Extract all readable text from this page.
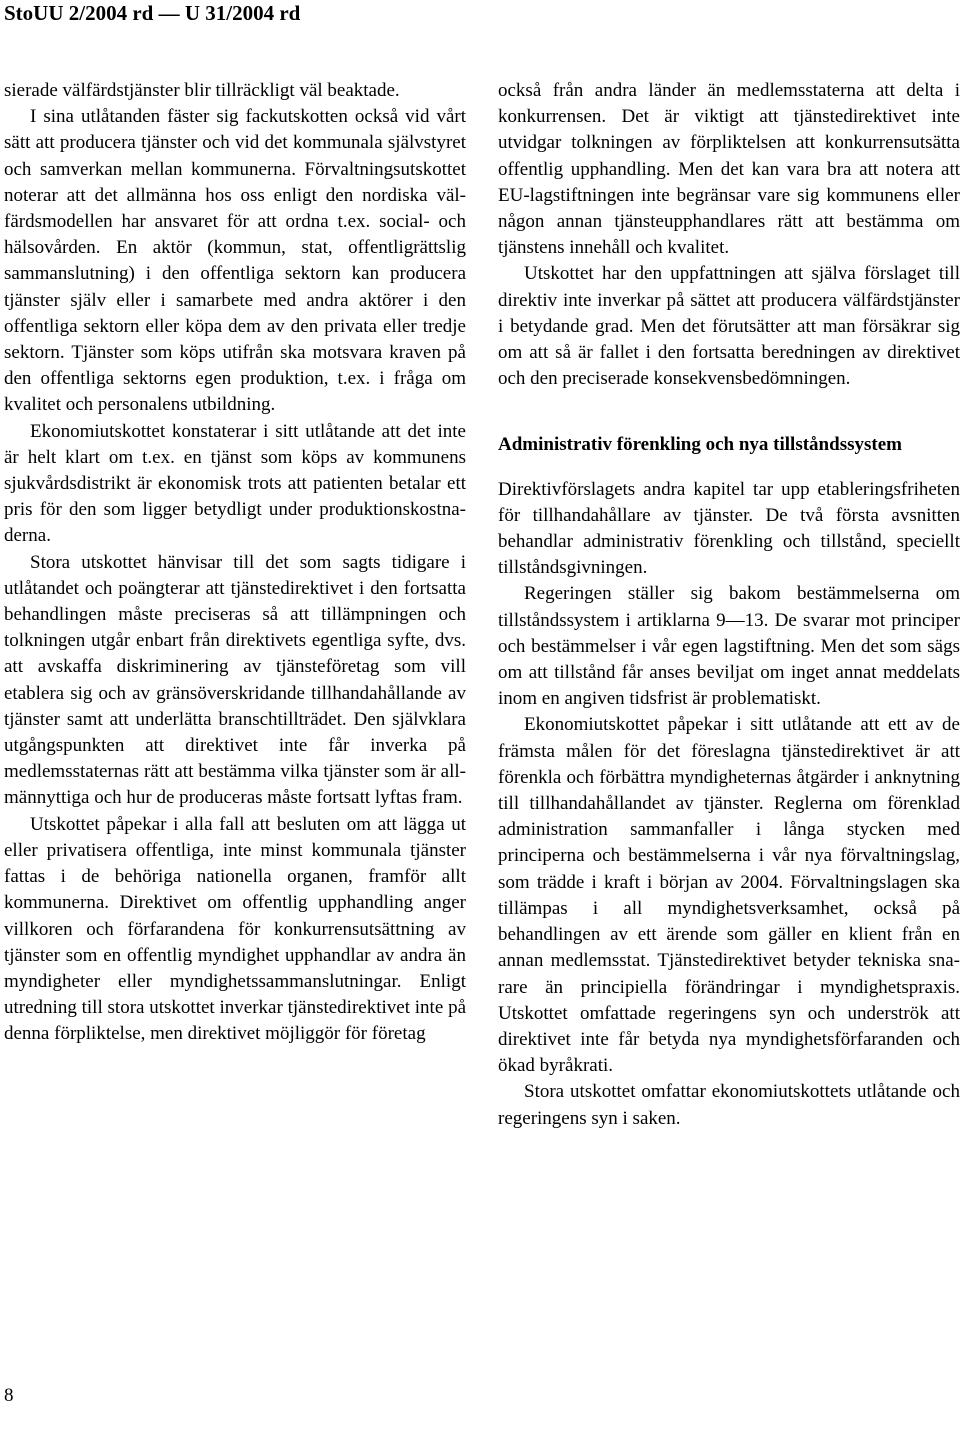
StoUU 2/2004 rd — U 31/2004 rd

sierade välfärdstjänster blir tillräckligt väl beaktade.

I sina utlåtanden fäster sig fackutskotten också vid vårt sätt att producera tjänster och vid det kommunala självstyret och samverkan mellan kommunerna. Förvaltningsutskottet noterar att det allmänna hos oss enligt den nordiska välfärdsmodellen har ansvaret för att ordna t.ex. social- och hälsovården. En aktör (kommun, stat, offentligrättslig sammanslutning) i den offentliga sektorn kan producera tjänster själv eller i samarbete med andra aktörer i den offentliga sektorn eller köpa dem av den privata eller tredje sektorn. Tjänster som köps utifrån ska motsvara kraven på den offentliga sektorns egen produktion, t.ex. i fråga om kvalitet och personalens utbildning.

Ekonomiutskottet konstaterar i sitt utlåtande att det inte är helt klart om t.ex. en tjänst som köps av kommunens sjukvårdsdistrikt är ekonomisk trots att patienten betalar ett pris för den som ligger betydligt under produktionskostnaderna.

Stora utskottet hänvisar till det som sagts tidigare i utlåtandet och poängterar att tjänstedirektivet i den fortsatta behandlingen måste preciseras så att tillämpningen och tolkningen utgår enbart från direktivets egentliga syfte, dvs. att avskaffa diskriminering av tjänsteföretag som vill etablera sig och av gränsöverskridande tillhandahållande av tjänster samt att underlätta branschtillträdet. Den självklara utgångspunkten att direktivet inte får inverka på medlemsstaternas rätt att bestämma vilka tjänster som är allmännyttiga och hur de produceras måste fortsatt lyftas fram.

Utskottet påpekar i alla fall att besluten om att lägga ut eller privatisera offentliga, inte minst kommunala tjänster fattas i de behöriga nationella organen, framför allt kommunerna. Direktivet om offentlig upphandling anger villkoren och förfarandena för konkurrensutsättning av tjänster som en offentlig myndighet upphandlar av andra än myndigheter eller myndighetssammanslutningar. Enligt utredning till stora utskottet inverkar tjänstedirektivet inte på denna förpliktelse, men direktivet möjliggör för företag

också från andra länder än medlemsstaterna att delta i konkurrensen. Det är viktigt att tjänstedirektivet inte utvidgar tolkningen av förpliktelsen att konkurrensutsätta offentlig upphandling. Men det kan vara bra att notera att EU-lagstiftningen inte begränsar vare sig kommunens eller någon annan tjänsteupphandlares rätt att bestämma om tjänstens innehåll och kvalitet.

Utskottet har den uppfattningen att själva förslaget till direktiv inte inverkar på sättet att producera välfärdstjänster i betydande grad. Men det förutsätter att man försäkrar sig om att så är fallet i den fortsatta beredningen av direktivet och den preciserade konsekvensbedömningen.

Administrativ förenkling och nya tillståndssystem

Direktivförslagets andra kapitel tar upp etableringsfriheten för tillhandahållare av tjänster. De två första avsnitten behandlar administrativ förenkling och tillstånd, speciellt tillståndsgivningen.

Regeringen ställer sig bakom bestämmelserna om tillståndssystem i artiklarna 9—13. De svarar mot principer och bestämmelser i vår egen lagstiftning. Men det som sägs om att tillstånd får anses beviljat om inget annat meddelats inom en angiven tidsfrist är problematiskt.

Ekonomiutskottet påpekar i sitt utlåtande att ett av de främsta målen för det föreslagna tjänstedirektivet är att förenkla och förbättra myndigheternas åtgärder i anknytning till tillhandahållandet av tjänster. Reglerna om förenklad administration sammanfaller i långa stycken med principerna och bestämmelserna i vår nya förvaltningslag, som trädde i kraft i början av 2004. Förvaltningslagen ska tillämpas i all myndighetsverksamhet, också på behandlingen av ett ärende som gäller en klient från en annan medlemsstat. Tjänstedirektivet betyder tekniska snarare än principiella förändringar i myndighetspraxis. Utskottet omfattade regeringens syn och underströk att direktivet inte får betyda nya myndighetsförfaranden och ökad byråkrati.

Stora utskottet omfattar ekonomiutskottets utlåtande och regeringens syn i saken.

8
